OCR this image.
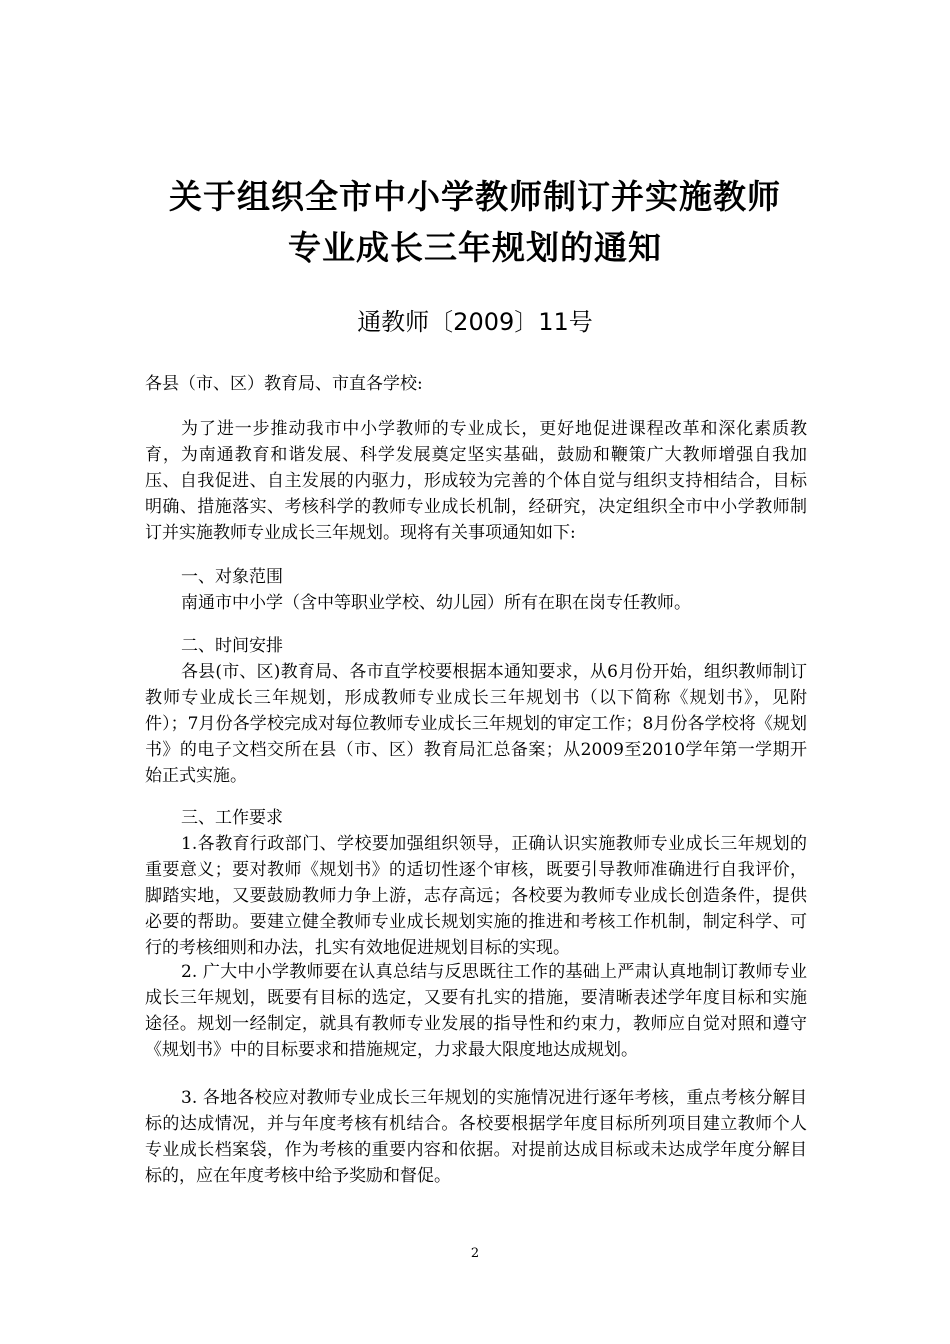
关于组织全市中小学教师制订并实施教师
专业成长三年规划的通知
通教师〔2009〕11号
各县（市、区）教育局、市直各学校:
为了进一步推动我市中小学教师的专业成长，更好地促进课程改革和深化素质教育，为南通教育和谐发展、科学发展奠定坚实基础，鼓励和鞭策广大教师增强自我加压、自我促进、自主发展的内驱力，形成较为完善的个体自觉与组织支持相结合，目标明确、措施落实、考核科学的教师专业成长机制，经研究，决定组织全市中小学教师制订并实施教师专业成长三年规划。现将有关事项通知如下:
一、对象范围
南通市中小学（含中等职业学校、幼儿园）所有在职在岗专任教师。
二、时间安排
各县(市、区)教育局、各市直学校要根据本通知要求，从6月份开始，组织教师制订教师专业成长三年规划，形成教师专业成长三年规划书（以下简称《规划书》，见附件）；7月份各学校完成对每位教师专业成长三年规划的审定工作；8月份各学校将《规划书》的电子文档交所在县（市、区）教育局汇总备案；从2009至2010学年第一学期开始正式实施。
三、工作要求
1.各教育行政部门、学校要加强组织领导，正确认识实施教师专业成长三年规划的重要意义；要对教师《规划书》的适切性逐个审核，既要引导教师准确进行自我评价，脚踏实地，又要鼓励教师力争上游，志存高远；各校要为教师专业成长创造条件，提供必要的帮助。要建立健全教师专业成长规划实施的推进和考核工作机制，制定科学、可行的考核细则和办法，扎实有效地促进规划目标的实现。
2. 广大中小学教师要在认真总结与反思既往工作的基础上严肃认真地制订教师专业成长三年规划，既要有目标的选定，又要有扎实的措施，要清晰表述学年度目标和实施途径。规划一经制定，就具有教师专业发展的指导性和约束力，教师应自觉对照和遵守《规划书》中的目标要求和措施规定，力求最大限度地达成规划。
3. 各地各校应对教师专业成长三年规划的实施情况进行逐年考核，重点考核分解目标的达成情况，并与年度考核有机结合。各校要根据学年度目标所列项目建立教师个人专业成长档案袋，作为考核的重要内容和依据。对提前达成目标或未达成学年度分解目标的，应在年度考核中给予奖励和督促。
2
